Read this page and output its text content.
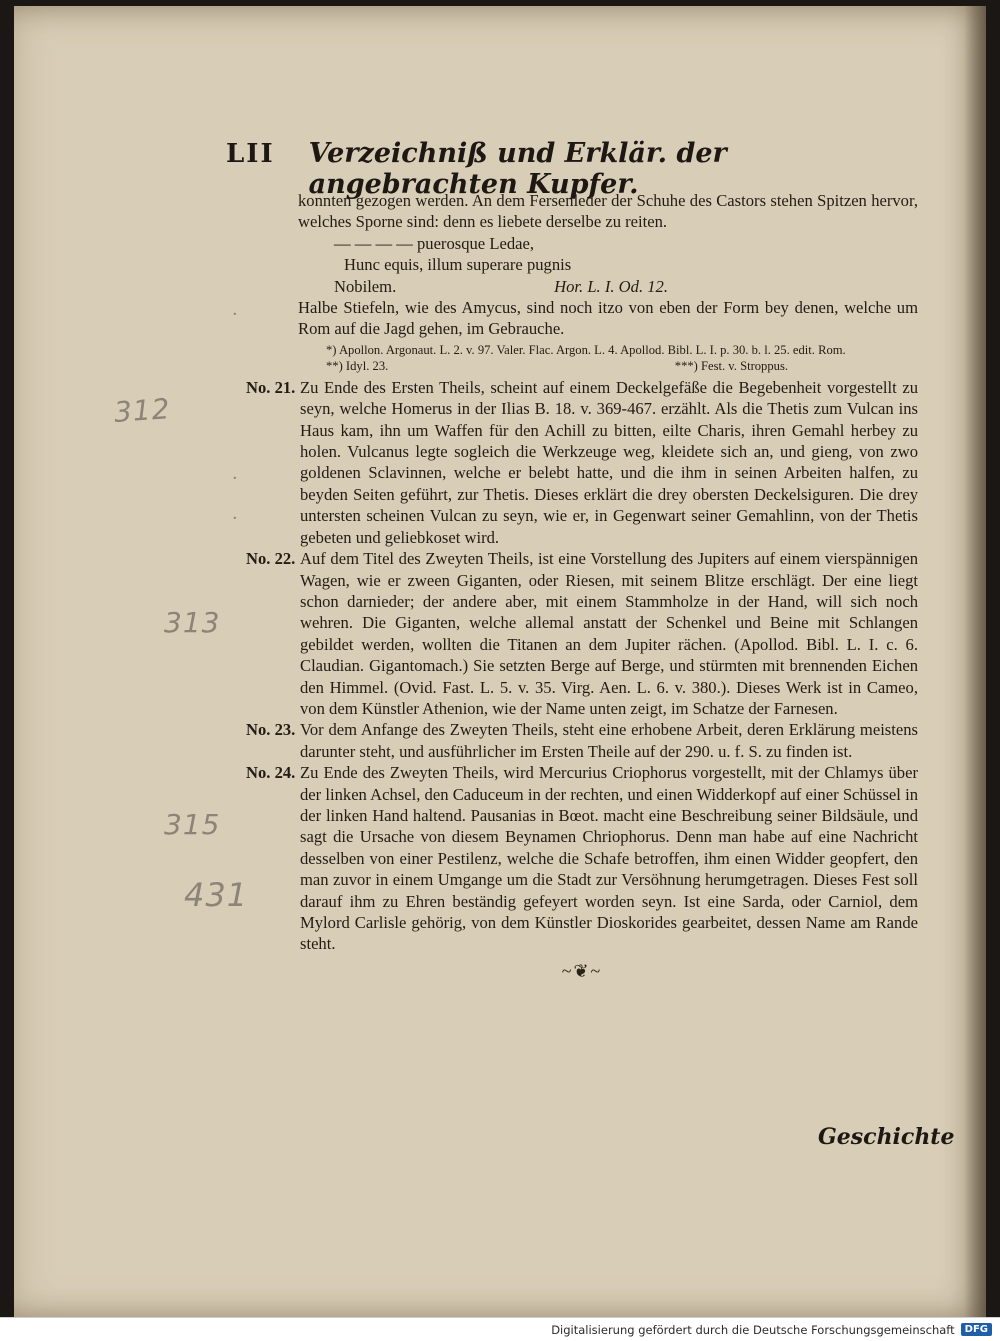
LII Verzeichniß und Erklär. der angebrachten Kupfer.
312
313
315
431
·
·
·

konnten gezogen werden. An dem Fersenleder der Schuhe des Castors stehen Spitzen hervor, welches Sporne sind: denn es liebete derselbe zu reiten.

— — — — puerosque Ledae,
Hunc equis, illum superare pugnis
Nobilem.	Hor. L. I. Od. 12.

Halbe Stiefeln, wie des Amycus, sind noch itzo von eben der Form bey denen, welche um Rom auf die Jagd gehen, im Gebrauche.

*) Apollon. Argonaut. L. 2. v. 97. Valer. Flac. Argon. L. 4. Apollod. Bibl. L. I. p. 30. b. l. 25. edit. Rom.
**) Idyl. 23.	***) Fest. v. Stroppus.
No. 21. Zu Ende des Ersten Theils, scheint auf einem Deckelgefäße die Begebenheit vorgestellt zu seyn, welche Homerus in der Ilias B. 18. v. 369-467. erzählt. Als die Thetis zum Vulcan ins Haus kam, ihn um Waffen für den Achill zu bitten, eilte Charis, ihren Gemahl herbey zu holen. Vulcanus legte sogleich die Werkzeuge weg, kleidete sich an, und gieng, von zwo goldenen Sclavinnen, welche er belebt hatte, und die ihm in seinen Arbeiten halfen, zu beyden Seiten geführt, zur Thetis. Dieses erklärt die drey obersten Deckelsiguren. Die drey untersten scheinen Vulcan zu seyn, wie er, in Gegenwart seiner Gemahlinn, von der Thetis gebeten und geliebkoset wird.
No. 22. Auf dem Titel des Zweyten Theils, ist eine Vorstellung des Jupiters auf einem vierspännigen Wagen, wie er zween Giganten, oder Riesen, mit seinem Blitze erschlägt. Der eine liegt schon darnieder; der andere aber, mit einem Stammholze in der Hand, will sich noch wehren. Die Giganten, welche allemal anstatt der Schenkel und Beine mit Schlangen gebildet werden, wollten die Titanen an dem Jupiter rächen. (Apollod. Bibl. L. I. c. 6. Claudian. Gigantomach.) Sie setzten Berge auf Berge, und stürmten mit brennenden Eichen den Himmel. (Ovid. Fast. L. 5. v. 35. Virg. Aen. L. 6. v. 380.). Dieses Werk ist in Cameo, von dem Künstler Athenion, wie der Name unten zeigt, im Schatze der Farnesen.
No. 23. Vor dem Anfange des Zweyten Theils, steht eine erhobene Arbeit, deren Erklärung meistens darunter steht, und ausführlicher im Ersten Theile auf der 290. u. f. S. zu finden ist.
No. 24. Zu Ende des Zweyten Theils, wird Mercurius Criophorus vorgestellt, mit der Chlamys über der linken Achsel, den Caduceum in der rechten, und einen Widderkopf auf einer Schüssel in der linken Hand haltend. Pausanias in Bœot. macht eine Beschreibung seiner Bildsäule, und sagt die Ursache von diesem Beynamen Chriophorus. Denn man habe auf eine Nachricht desselben von einer Pestilenz, welche die Schafe betroffen, ihm einen Widder geopfert, den man zuvor in einem Umgange um die Stadt zur Versöhnung herumgetragen. Dieses Fest soll darauf ihm zu Ehren beständig gefeyert worden seyn. Ist eine Sarda, oder Carniol, dem Mylord Carlisle gehörig, von dem Künstler Dioskorides gearbeitet, dessen Name am Rande steht.
~❦~
Geschichte
Digitalisierung gefördert durch die Deutsche Forschungsgemeinschaft	DFG
